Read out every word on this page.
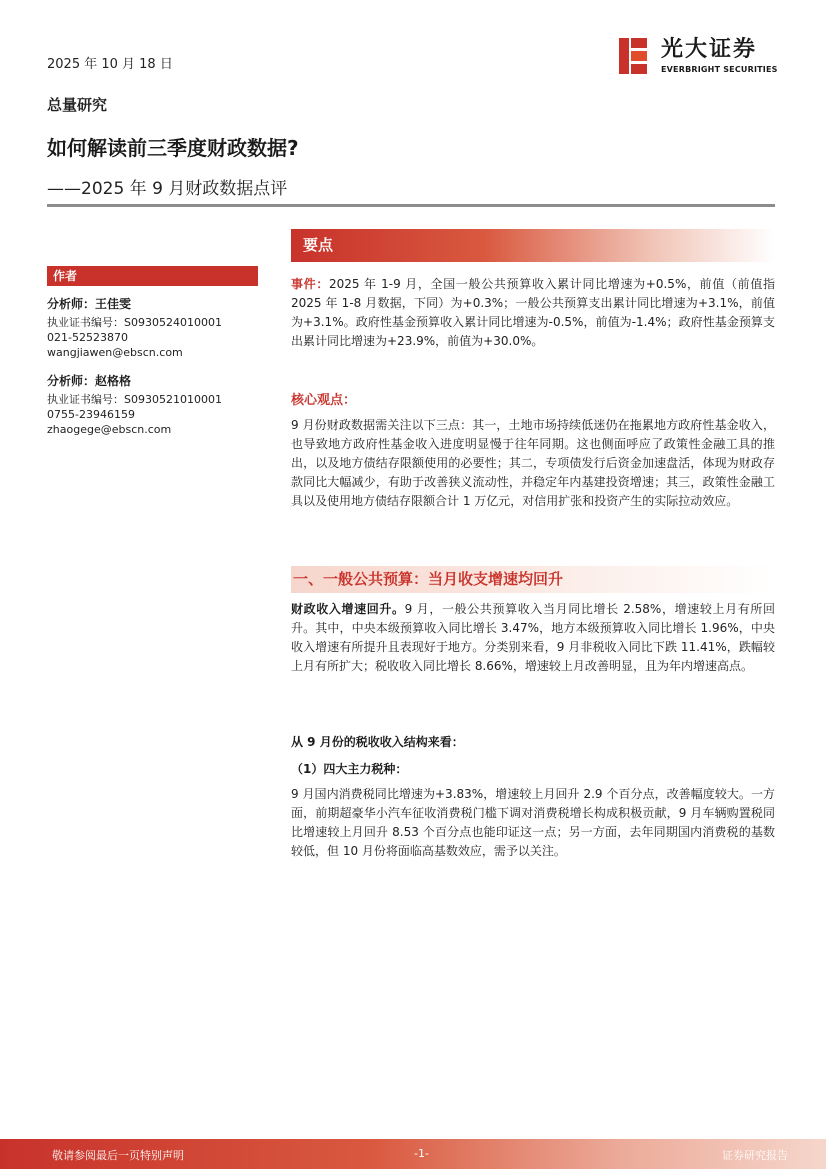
2025 年 10 月 18 日
光大证券
EVERBRIGHT SECURITIES
总量研究
如何解读前三季度财政数据?
——2025 年 9 月财政数据点评
作者
分析师：王佳雯
执业证书编号：S0930524010001
021-52523870
wangjiawen@ebscn.com
分析师：赵格格
执业证书编号：S0930521010001
0755-23946159
zhaogege@ebscn.com
要点
事件：2025 年 1-9 月，全国一般公共预算收入累计同比增速为+0.5%，前值（前值指 2025 年 1-8 月数据，下同）为+0.3%；一般公共预算支出累计同比增速为+3.1%，前值为+3.1%。政府性基金预算收入累计同比增速为-0.5%，前值为-1.4%；政府性基金预算支出累计同比增速为+23.9%，前值为+30.0%。
核心观点：
9 月份财政数据需关注以下三点：其一，土地市场持续低迷仍在拖累地方政府性基金收入，也导致地方政府性基金收入进度明显慢于往年同期。这也侧面呼应了政策性金融工具的推出，以及地方债结存限额使用的必要性；其二，专项债发行后资金加速盘活，体现为财政存款同比大幅减少，有助于改善狭义流动性，并稳定年内基建投资增速；其三，政策性金融工具以及使用地方债结存限额合计 1 万亿元，对信用扩张和投资产生的实际拉动效应。
一、一般公共预算：当月收支增速均回升
财政收入增速回升。9 月，一般公共预算收入当月同比增长 2.58%，增速较上月有所回升。其中，中央本级预算收入同比增长 3.47%，地方本级预算收入同比增长 1.96%，中央收入增速有所提升且表现好于地方。分类别来看，9 月非税收入同比下跌 11.41%，跌幅较上月有所扩大；税收收入同比增长 8.66%，增速较上月改善明显，且为年内增速高点。
从 9 月份的税收收入结构来看：
（1）四大主力税种：
9 月国内消费税同比增速为+3.83%，增速较上月回升 2.9 个百分点，改善幅度较大。一方面，前期超豪华小汽车征收消费税门槛下调对消费税增长构成积极贡献，9 月车辆购置税同比增速较上月回升 8.53 个百分点也能印证这一点；另一方面，去年同期国内消费税的基数较低，但 10 月份将面临高基数效应，需予以关注。
敬请参阅最后一页特别声明	-1-	证券研究报告
